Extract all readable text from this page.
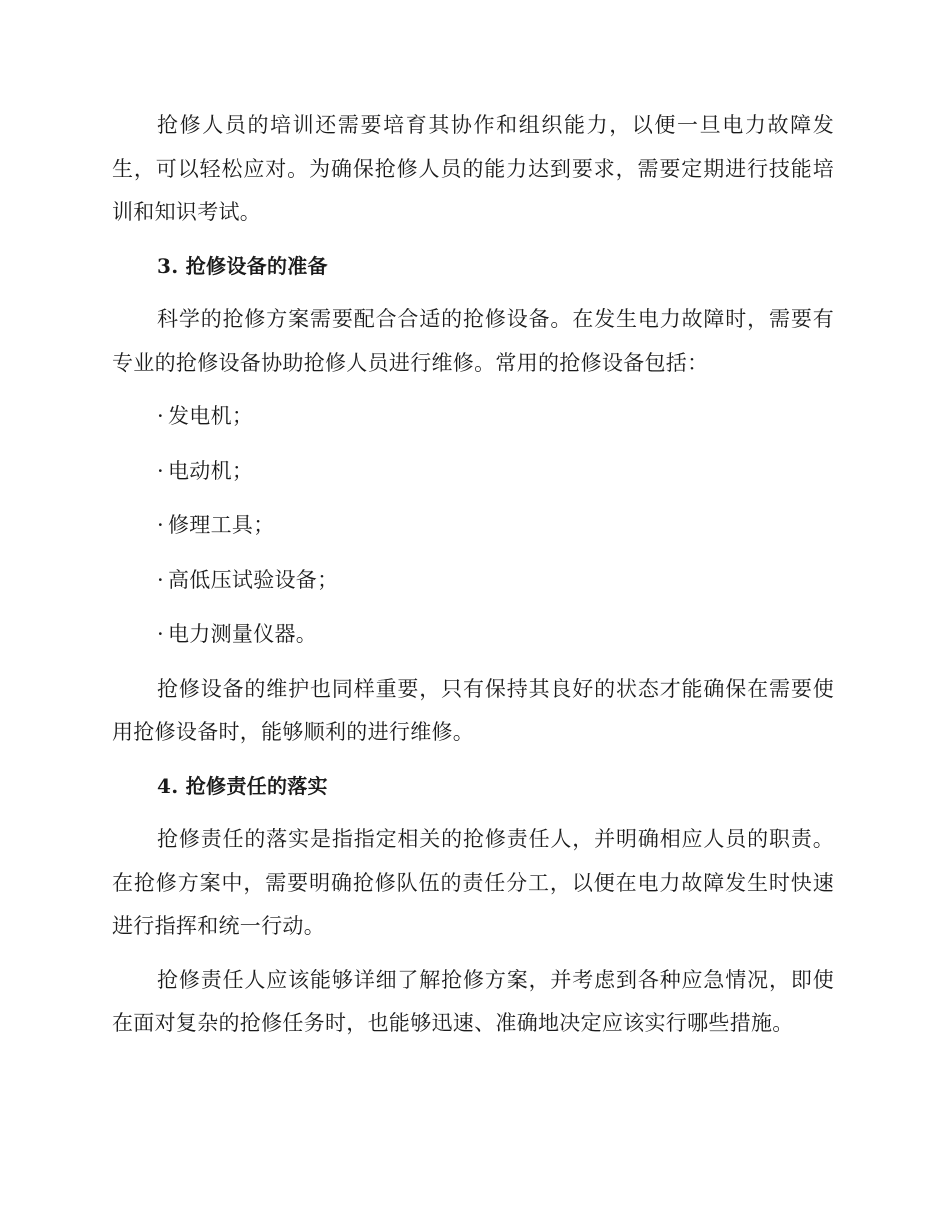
抢修人员的培训还需要培育其协作和组织能力，以便一旦电力故障发生，可以轻松应对。为确保抢修人员的能力达到要求，需要定期进行技能培训和知识考试。

3. 抢修设备的准备

科学的抢修方案需要配合合适的抢修设备。在发生电力故障时，需要有专业的抢修设备协助抢修人员进行维修。常用的抢修设备包括：

· 发电机；
· 电动机；
· 修理工具；
· 高低压试验设备；
· 电力测量仪器。

抢修设备的维护也同样重要，只有保持其良好的状态才能确保在需要使用抢修设备时，能够顺利的进行维修。

4. 抢修责任的落实

抢修责任的落实是指指定相关的抢修责任人，并明确相应人员的职责。在抢修方案中，需要明确抢修队伍的责任分工，以便在电力故障发生时快速进行指挥和统一行动。

抢修责任人应该能够详细了解抢修方案，并考虑到各种应急情况，即使在面对复杂的抢修任务时，也能够迅速、准确地决定应该实行哪些措施。
